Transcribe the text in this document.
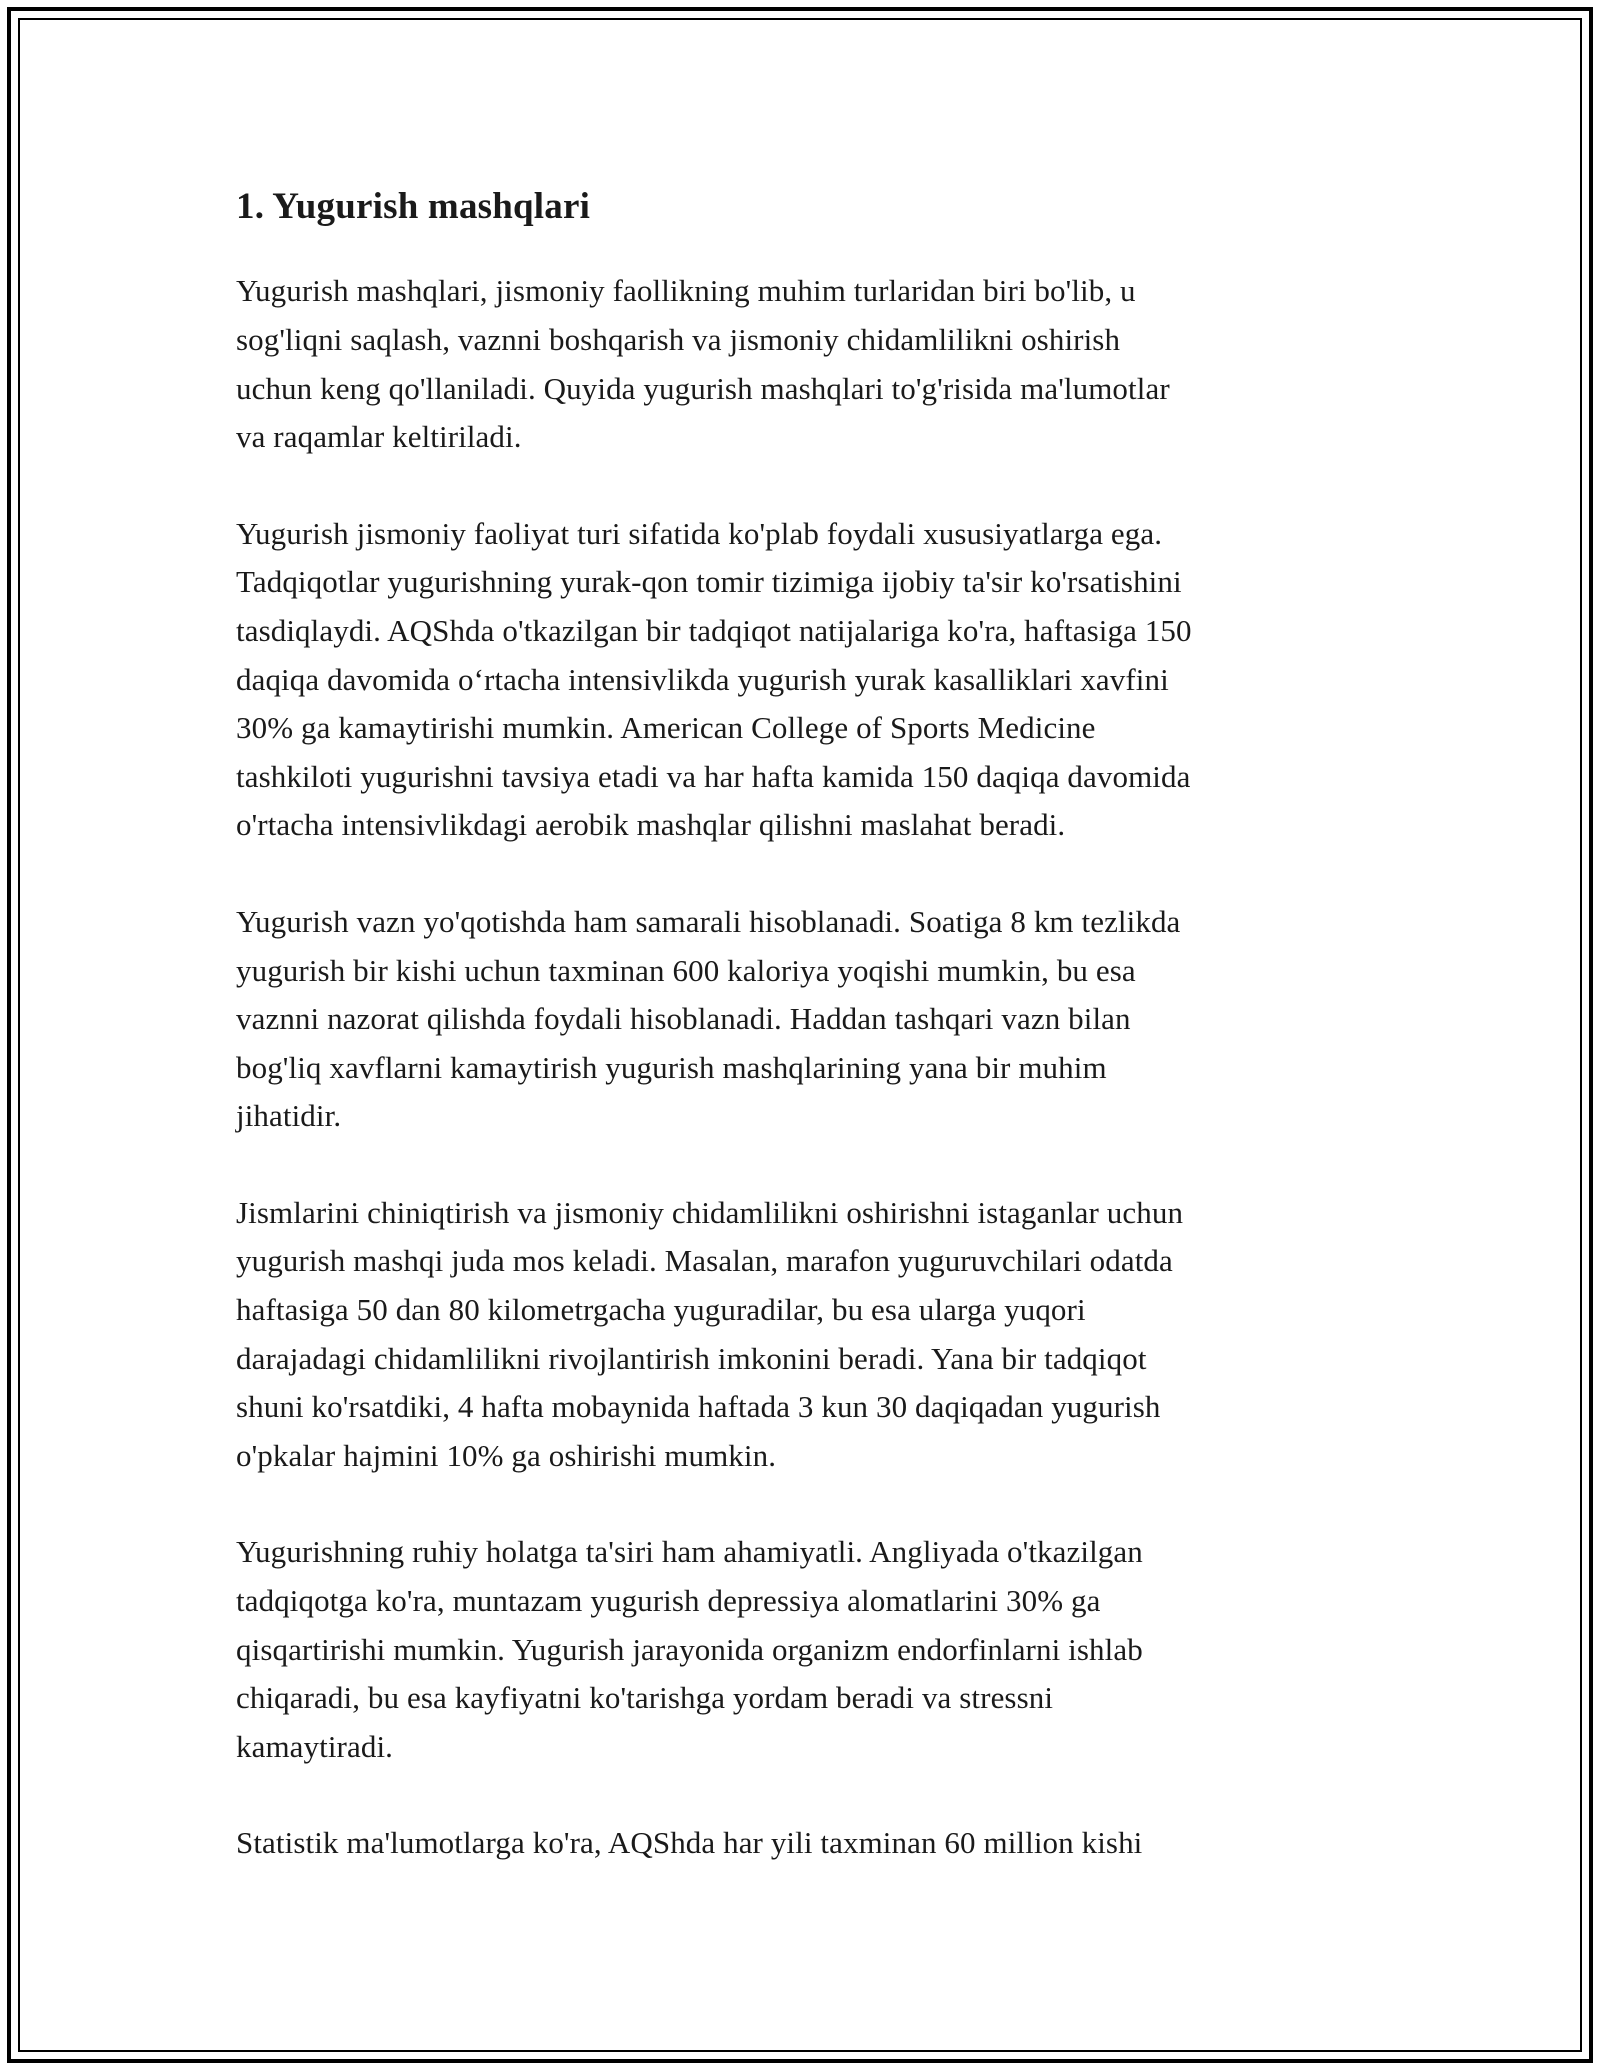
1. Yugurish mashqlari

Yugurish mashqlari, jismoniy faollikning muhim turlaridan biri bo'lib, u
sog'liqni saqlash, vaznni boshqarish va jismoniy chidamlilikni oshirish
uchun keng qo'llaniladi. Quyida yugurish mashqlari to'g'risida ma'lumotlar
va raqamlar keltiriladi.

Yugurish jismoniy faoliyat turi sifatida ko'plab foydali xususiyatlarga ega.
Tadqiqotlar yugurishning yurak-qon tomir tizimiga ijobiy ta'sir ko'rsatishini
tasdiqlaydi. AQShda o'tkazilgan bir tadqiqot natijalariga ko'ra, haftasiga 150
daqiqa davomida o‘rtacha intensivlikda yugurish yurak kasalliklari xavfini
30% ga kamaytirishi mumkin. American College of Sports Medicine
tashkiloti yugurishni tavsiya etadi va har hafta kamida 150 daqiqa davomida
o'rtacha intensivlikdagi aerobik mashqlar qilishni maslahat beradi.

Yugurish vazn yo'qotishda ham samarali hisoblanadi. Soatiga 8 km tezlikda
yugurish bir kishi uchun taxminan 600 kaloriya yoqishi mumkin, bu esa
vaznni nazorat qilishda foydali hisoblanadi. Haddan tashqari vazn bilan
bog'liq xavflarni kamaytirish yugurish mashqlarining yana bir muhim
jihatidir.

Jismlarini chiniqtirish va jismoniy chidamlilikni oshirishni istaganlar uchun
yugurish mashqi juda mos keladi. Masalan, marafon yuguruvchilari odatda
haftasiga 50 dan 80 kilometrgacha yuguradilar, bu esa ularga yuqori
darajadagi chidamlilikni rivojlantirish imkonini beradi. Yana bir tadqiqot
shuni ko'rsatdiki, 4 hafta mobaynida haftada 3 kun 30 daqiqadan yugurish
o'pkalar hajmini 10% ga oshirishi mumkin.

Yugurishning ruhiy holatga ta'siri ham ahamiyatli. Angliyada o'tkazilgan
tadqiqotga ko'ra, muntazam yugurish depressiya alomatlarini 30% ga
qisqartirishi mumkin. Yugurish jarayonida organizm endorfinlarni ishlab
chiqaradi, bu esa kayfiyatni ko'tarishga yordam beradi va stressni
kamaytiradi.

Statistik ma'lumotlarga ko'ra, AQShda har yili taxminan 60 million kishi
